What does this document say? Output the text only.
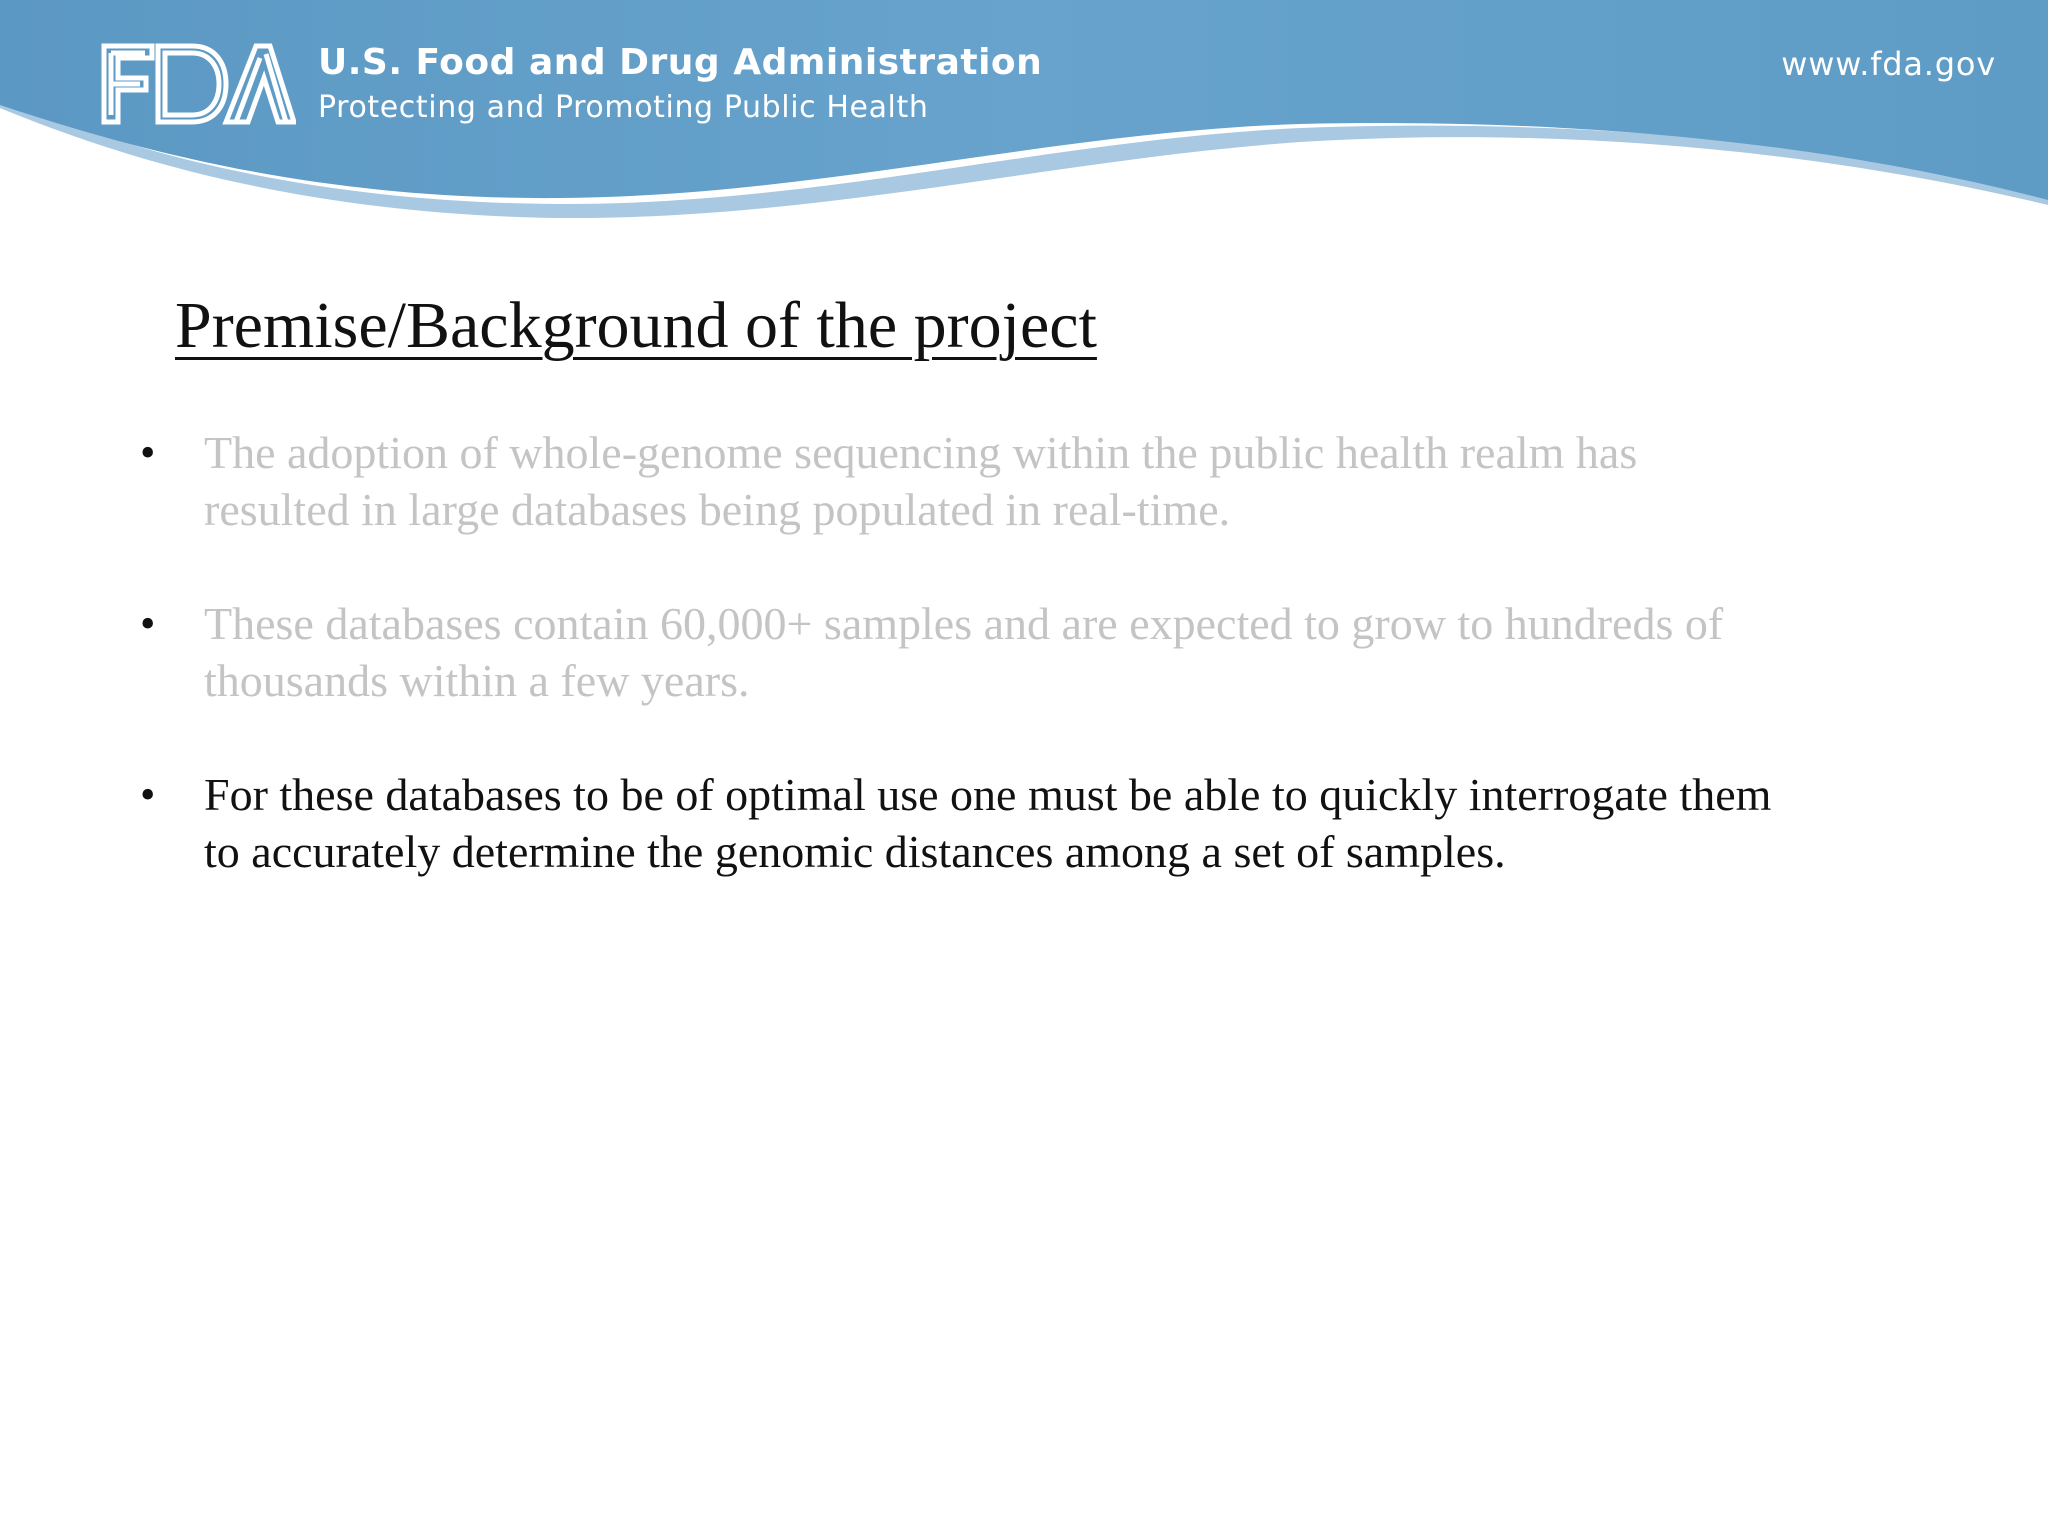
U.S. Food and Drug Administration
Protecting and Promoting Public Health
www.fda.gov
Premise/Background of the project
• The adoption of whole-genome sequencing within the public health realm has
resulted in large databases being populated in real-time.
• These databases contain 60,000+ samples and are expected to grow to hundreds of
thousands within a few years.
• For these databases to be of optimal use one must be able to quickly interrogate them
to accurately determine the genomic distances among a set of samples.
